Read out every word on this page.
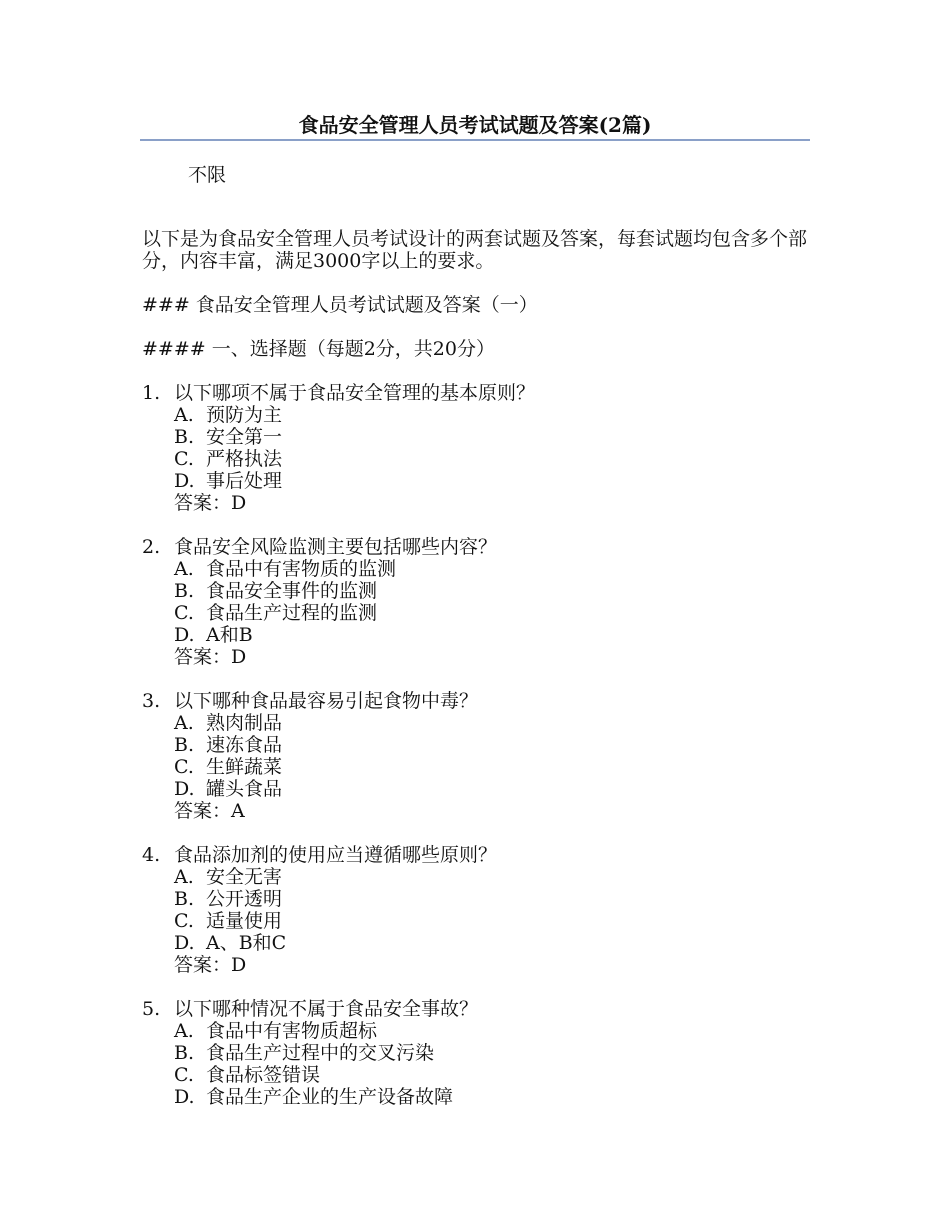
食品安全管理人员考试试题及答案(2篇)
不限
以下是为食品安全管理人员考试设计的两套试题及答案，每套试题均包含多个部分，内容丰富，满足3000字以上的要求。
### 食品安全管理人员考试试题及答案（一）
#### 一、选择题（每题2分，共20分）
1. 以下哪项不属于食品安全管理的基本原则？
A. 预防为主
B. 安全第一
C. 严格执法
D. 事后处理
答案：D
2. 食品安全风险监测主要包括哪些内容？
A. 食品中有害物质的监测
B. 食品安全事件的监测
C. 食品生产过程的监测
D. A和B
答案：D
3. 以下哪种食品最容易引起食物中毒？
A. 熟肉制品
B. 速冻食品
C. 生鲜蔬菜
D. 罐头食品
答案：A
4. 食品添加剂的使用应当遵循哪些原则？
A. 安全无害
B. 公开透明
C. 适量使用
D. A、B和C
答案：D
5. 以下哪种情况不属于食品安全事故？
A. 食品中有害物质超标
B. 食品生产过程中的交叉污染
C. 食品标签错误
D. 食品生产企业的生产设备故障
